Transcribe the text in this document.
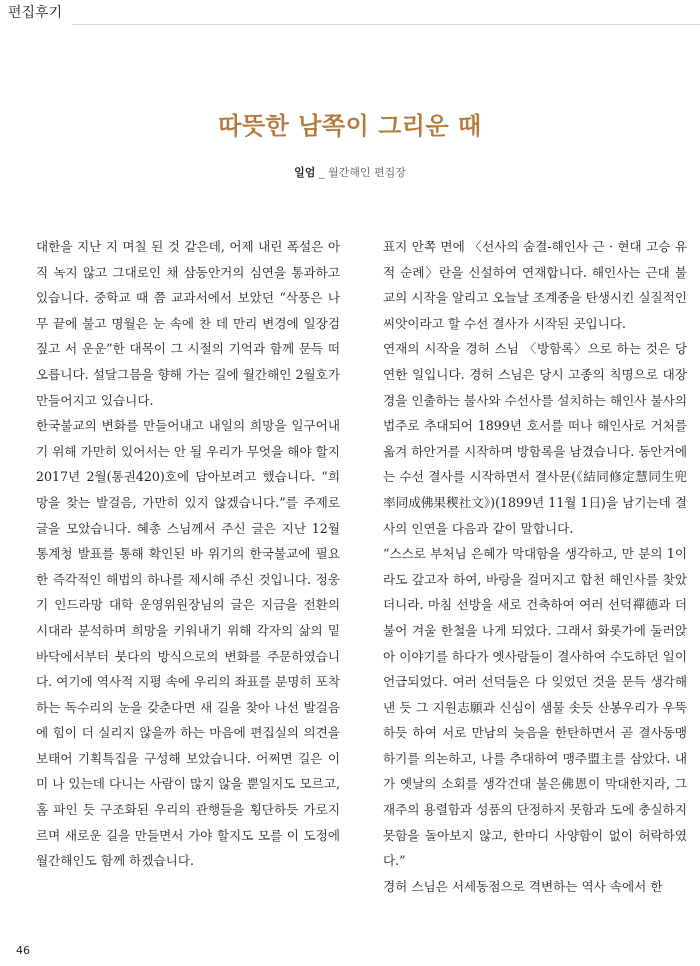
편집후기
따뜻한 남쪽이 그리운 때
일엄 _ 월간해인 편집장

대한을 지난 지 며칠 된 것 같은데, 어제 내린 폭설은 아직 녹지 않고 그대로인 채 삼동안거의 심연을 통과하고 있습니다. 중학교 때 쯤 교과서에서 보았던 “삭풍은 나무 끝에 불고 명월은 눈 속에 찬 데 만리 변경에 일장검 짚고 서 운운”한 대목이 그 시절의 기억과 함께 문득 떠오릅니다. 설달그믐을 향해 가는 길에 월간해인 2월호가 만들어지고 있습니다.

한국불교의 변화를 만들어내고 내일의 희망을 일구어내기 위해 가만히 있어서는 안 될 우리가 무엇을 해야 할지 2017년 2월(통권420)호에 담아보려고 했습니다. “희망을 찾는 발걸음, 가만히 있지 않겠습니다.”를 주제로 글을 모았습니다. 혜총 스님께서 주신 글은 지난 12월 통계청 발표를 통해 확인된 바 위기의 한국불교에 필요한 즉각적인 해법의 하나를 제시해 주신 것입니다. 정웅기 인드라망 대학 운영위원장님의 글은 지금을 전환의 시대라 분석하며 희망을 키워내기 위해 각자의 삶의 밑바닥에서부터 붓다의 방식으로의 변화를 주문하였습니다. 여기에 역사적 지평 속에 우리의 좌표를 분명히 포착하는 독수리의 눈을 갖춘다면 새 길을 찾아 나선 발걸음에 힘이 더 실리지 않을까 하는 마음에 편집실의 의견을 보태어 기획특집을 구성해 보았습니다. 어쩌면 길은 이미 나 있는데 다니는 사람이 많지 않을 뿐일지도 모르고, 홈 파인 듯 구조화된 우리의 관행들을 횡단하듯 가로지르며 새로운 길을 만들면서 가야 할지도 모를 이 도정에 월간해인도 함께 하겠습니다.

표지 안쪽 면에 〈선사의 숨결-해인사 근 · 현대 고승 유적 순례〉란을 신설하여 연재합니다. 해인사는 근대 불교의 시작을 알리고 오늘날 조계종을 탄생시킨 실질적인 씨앗이라고 할 수선 결사가 시작된 곳입니다.

연재의 시작을 경허 스님 〈방함록〉으로 하는 것은 당연한 일입니다. 경허 스님은 당시 고종의 칙명으로 대장경을 인출하는 불사와 수선사를 설치하는 해인사 불사의 법주로 추대되어 1899년 호서를 떠나 해인사로 거처를 옮겨 하안거를 시작하며 방함록을 남겼습니다. 동안거에는 수선 결사를 시작하면서 결사문(《結同修定慧同生兜率同成佛果稧社文》)(1899년 11월 1日)을 남기는데 결사의 인연을 다음과 같이 말합니다.

“스스로 부처님 은혜가 막대함을 생각하고, 만 분의 1이라도 갚고자 하여, 바랑을 걸머지고 합천 해인사를 찾았더니라. 마침 선방을 새로 건축하여 여러 선덕禪德과 더불어 겨울 한철을 나게 되었다. 그래서 화롯가에 둘러앉아 이야기를 하다가 옛사람들이 결사하여 수도하던 일이 언급되었다. 여러 선덕들은 다 잊었던 것을 문득 생각해 낸 듯 그 지원志願과 신심이 샘물 솟듯 산봉우리가 우뚝하듯 하여 서로 만남의 늦음을 한탄하면서 곧 결사동맹하기를 의논하고, 나를 추대하여 맹주盟主를 삼았다. 내가 옛날의 소회를 생각건대 불은佛恩이 막대한지라, 그 재주의 용렬함과 성품의 단정하지 못함과 도에 충실하지 못함을 돌아보지 않고, 한마디 사양함이 없이 허락하였다.”

경허 스님은 서세동점으로 격변하는 역사 속에서 한

46
